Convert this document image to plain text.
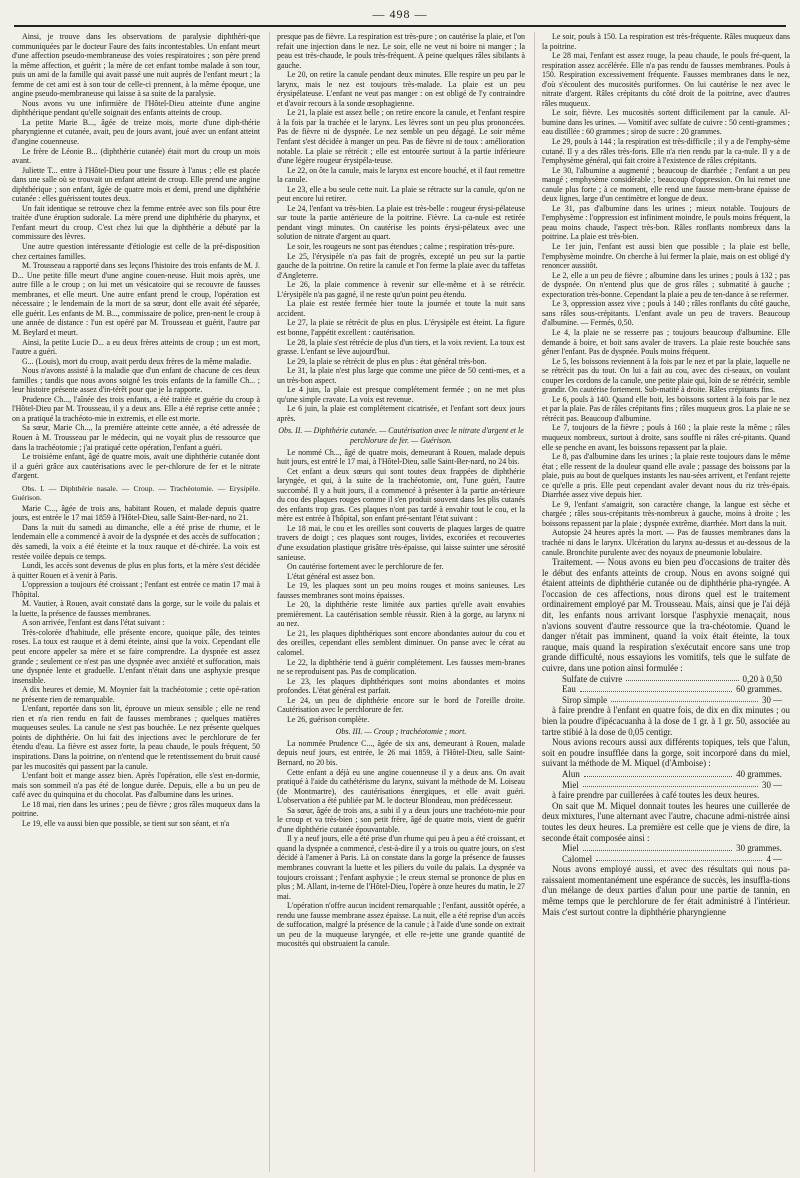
— 498 —

Ainsi, je trouve dans les observations de paralysie diphthéri-que communiquées par le docteur Faure des faits incontestables. Un enfant meurt d'une affection pseudo-membraneuse des voies respiratoires ; son père prend la même affection, et guérit ; la mère de cet enfant tombe malade à son tour, puis un ami de la famille qui avait passé une nuit auprès de l'enfant meurt ; la femme de cet ami est à son tour de celle-ci prennent, à la même époque, une angine pseudo-membraneuse qui laisse à sa suite de la paralysie.

Nous avons vu une infirmière de l'Hôtel-Dieu atteinte d'une angine diphthérique pendant qu'elle soignait des enfants atteints de croup.

La petite Marie B..., âgée de treize mois, morte d'une diph-thérie pharyngienne et cutanée, avait, peu de jours avant, joué avec un enfant atteint d'angine couenneuse.

Le frère de Léonie B... (diphthérie cutanée) était mort du croup un mois avant.

Juliette T... entre à l'Hôtel-Dieu pour une fissure à l'anus ; elle est placée dans une salle où se trouvait un enfant atteint de croup. Elle prend une angine diphthérique ; son enfant, âgée de quatre mois et demi, prend une diphthérie cutanée : elles guérissent toutes deux.

Un fait identique se retrouve chez la femme entrée avec son fils pour être traitée d'une éruption sudorale. La mère prend une diphthérie du pharynx, et l'enfant meurt du croup. C'est chez lui que la diphthérie a débuté par la commissure des lèvres.

Une autre question intéressante d'étiologie est celle de la pré-disposition chez certaines familles.

M. Trousseau a rapporté dans ses leçons l'histoire des trois enfants de M. J. D... Une petite fille meurt d'une angine couen-neuse. Huit mois après, une autre fille a le croup ; on lui met un vésicatoire qui se recouvre de fausses membranes, et elle meurt. Une autre enfant prend le croup, l'opération est nécessaire ; le lendemain de la mort de sa sœur, dont elle avait été séparée, elle guérit. Les enfants de M. B..., commissaire de police, pren-nent le croup à une année de distance : l'un est opéré par M. Trousseau et guérit, l'autre par M. Beylard et meurt.

Ainsi, la petite Lucie D... a eu deux frères atteints de croup ; un est mort, l'autre a guéri.

G... (Louis), mort du croup, avait perdu deux frères de la même maladie.

Nous n'avons assisté à la maladie que d'un enfant de chacune de ces deux familles ; tandis que nous avons soigné les trois enfants de la famille Ch... ; leur histoire présente assez d'in-térêt pour que je la rapporte.

Prudence Ch..., l'aînée des trois enfants, a été traitée et guérie du croup à l'Hôtel-Dieu par M. Trousseau, il y a deux ans. Elle a été reprise cette année ; on a pratiqué la trachéoto-mie in extremis, et elle est morte.

Sa sœur, Marie Ch..., la première atteinte cette année, a été adressée de Rouen à M. Trousseau par le médecin, qui ne voyait plus de ressource que dans la trachéotomie ; j'ai pratiqué cette opération, l'enfant a guéri.

Le troisième enfant, âgé de quatre mois, avait une diphthérie cutanée dont il a guéri grâce aux cautérisations avec le per-chlorure de fer et le nitrate d'argent.

Obs. I. — Diphthérie nasale. — Croup. — Trachéotomie. — Erysipèle. Guérison.

Marie C..., âgée de trois ans, habitant Rouen, et malade depuis quatre jours, est entrée le 17 mai 1859 à l'Hôtel-Dieu, salle Saint-Ber-nard, no 21.

Dans la nuit du samedi au dimanche, elle a été prise de rhume, et le lendemain elle a commencé à avoir de la dyspnée et des accès de suffocation ; dès samedi, la voix a été éteinte et la toux rauque et dé-chirée. La voix est restée voilée depuis ce temps.

Lundi, les accès sont devenus de plus en plus forts, et la mère s'est décidée à quitter Rouen et à venir à Paris.

L'oppression a toujours été croissant ; l'enfant est entrée ce matin 17 mai à l'hôpital.

M. Vautier, à Rouen, avait constaté dans la gorge, sur le voile du palais et la luette, la présence de fausses membranes.

A son arrivée, l'enfant est dans l'état suivant :

Très-colorée d'habitude, elle présente encore, quoique pâle, des teintes roses. La toux est rauque et à demi éteinte, ainsi que la voix. Cependant elle peut encore appeler sa mère et se faire comprendre. La dyspnée est assez grande ; seulement ce n'est pas une dyspnée avec anxiété et suffocation, mais une dyspnée lente et graduelle. L'enfant n'était dans une asphyxie presque insensible.

A dix heures et demie, M. Moynier fait la trachéotomie ; cette opé-ration ne présente rien de remarquable.

L'enfant, reportée dans son lit, éprouve un mieux sensible ; elle ne rend rien et n'a rien rendu en fait de fausses membranes ; quelques matières muqueuses seules. La canule ne s'est pas bouchée. Le nez présente quelques points de diphthérie. On lui fait des injections avec le perchlorure de fer étendu d'eau. La fièvre est assez forte, la peau chaude, le pouls fréquent, 50 inspirations. Dans la poitrine, on n'entend que le retentissement du bruit causé par les mucosités qui passent par la canule.

L'enfant boit et mange assez bien. Après l'opération, elle s'est en-dormie, mais son sommeil n'a pas été de longue durée. Depuis, elle a bu un peu de café avec du quinquina et du chocolat. Pas d'albumine dans les urines.

Le 18 mai, rien dans les urines ; peu de fièvre ; gros râles muqueux dans la poitrine.

Le 19, elle va aussi bien que possible, se tient sur son séant, et n'a

presque pas de fièvre. La respiration est très-pure ; on cautérise la plaie, et l'on refait une injection dans le nez. Le soir, elle ne veut ni boire ni manger ; la peau est très-chaude, le pouls très-fréquent. A peine quelques râles sibilants à gauche.

Le 20, on retire la canule pendant deux minutes. Elle respire un peu par le larynx, mais le nez est toujours très-malade. La plaie est un peu érysipélateuse. L'enfant ne veut pas manger : on est obligé de l'y contraindre et d'avoir recours à la sonde œsophagienne.

Le 21, la plaie est assez belle ; on retire encore la canule, et l'enfant respire à la fois par la trachée et le larynx. Les lèvres sont un peu plus prononcées. Pas de fièvre ni de dyspnée. Le nez semble un peu dégagé. Le soir même l'enfant s'est décidée à manger un peu. Pas de fièvre ni de toux : amélioration notable. La plaie se rétrécit ; elle est entourée surtout à la partie inférieure d'une légère rougeur érysipéla-teuse.

Le 22, on ôte la canule, mais le larynx est encore bouché, et il faut remettre la canule.

Le 23, elle a bu seule cette nuit. La plaie se rétracte sur la canule, qu'on ne peut encore lui retirer.

Le 24, l'enfant va très-bien. La plaie est très-belle : rougeur érysi-pélateuse sur toute la partie antérieure de la poitrine. Fièvre. La ca-nule est retirée pendant vingt minutes. On cautérise les points érysi-pélateux avec une solution de nitrate d'argent au quart.

Le soir, les rougeurs ne sont pas étendues ; calme ; respiration très-pure.

Le 25, l'érysipèle n'a pas fait de progrès, excepté un peu sur la partie gauche de la poitrine. On retire la canule et l'on ferme la plaie avec du taffetas d'Angleterre.

Le 26, la plaie commence à revenir sur elle-même et à se rétrécir. L'érysipèle n'a pas gagné, il ne reste qu'un point peu étendu.

La plaie est restée fermée hier toute la journée et toute la nuit sans accident.

Le 27, la plaie se rétrécit de plus en plus. L'érysipèle est éteint. La figure est bonne, l'appétit excellent : cautérisation.

Le 28, la plaie s'est rétrécie de plus d'un tiers, et la voix revient. La toux est grasse. L'enfant se lève aujourd'hui.

Le 29, la plaie se rétrécit de plus en plus : état général très-bon.

Le 31, la plaie n'est plus large que comme une pièce de 50 centi-mes, et a un très-bon aspect.

Le 4 juin, la plaie est presque complétement fermée ; on ne met plus qu'une simple cravate. La voix est revenue.

Le 6 juin, la plaie est complétement cicatrisée, et l'enfant sort deux jours après.

Obs. II. — Diphthérie cutanée. — Cautérisation avec le nitrate d'argent et le perchlorure de fer. — Guérison.

Le nommé Ch..., âgé de quatre mois, demeurant à Rouen, malade depuis huit jours, est entré le 17 mai, à l'Hôtel-Dieu, salle Saint-Ber-nard, no 24 bis.

Cet enfant a deux sœurs qui sont toutes deux frappées de diphthérie laryngée, et qui, à la suite de la trachéotomie, ont, l'une guéri, l'autre succombé. Il y a huit jours, il a commencé à présenter à la partie an-térieure du cou des plaques rouges comme il s'en produit souvent dans les plis cutanés des enfants trop gras. Ces plaques n'ont pas tardé à envahir tout le cou, et la mère est entrée à l'hôpital, son enfant pré-sentant l'état suivant :

Le 18 mai, le cou et les oreilles sont couverts de plaques larges de quatre travers de doigt ; ces plaques sont rouges, livides, excoriées et recouvertes d'une exsudation plastique grisâtre très-épaisse, qui laisse suinter une sérosité sanieuse.

On cautérise fortement avec le perchlorure de fer.

L'état général est assez bon.

Le 19, les plaques sont un peu moins rouges et moins sanieuses. Les fausses membranes sont moins épaisses.

Le 20, la diphthérie reste limitée aux parties qu'elle avait envahies premièrement. La cautérisation semble réussir. Rien à la gorge, au larynx ni au nez.

Le 21, les plaques diphthériques sont encore abondantes autour du cou et des oreilles, cependant elles semblent diminuer. On panse avec le cérat au calomel.

Le 22, la diphthérie tend à guérir complétement. Les fausses mem-branes ne se reproduisent pas. Pas de complication.

Le 23, les plaques diphthériques sont moins abondantes et moins profondes. L'état général est parfait.

Le 24, un peu de diphthérie encore sur le bord de l'oreille droite. Cautérisation avec le perchlorure de fer.

Le 26, guérison complète.

Obs. III. — Croup ; trachéotomie ; mort.

La nommée Prudence C..., âgée de six ans, demeurant à Rouen, malade depuis neuf jours, est entrée, le 26 mai 1859, à l'Hôtel-Dieu, salle Saint-Bernard, no 20 bis.

Cette enfant a déjà eu une angine couenneuse il y a deux ans. On avait pratiqué à l'aide du cathétérisme du larynx, suivant la méthode de M. Loiseau (de Montmartre), des cautérisations énergiques, et elle avait guéri. L'observation a été publiée par M. le docteur Blondeau, mon prédécesseur.

Sa sœur, âgée de trois ans, a subi il y a deux jours une trachéoto-mie pour le croup et va très-bien ; son petit frère, âgé de quatre mois, vient de guérir d'une diphthérie cutanée épouvantable.

Il y a neuf jours, elle a été prise d'un rhume qui peu à peu a été croissant, et quand la dyspnée a commencé, c'est-à-dire il y a trois ou quatre jours, on s'est décidé à l'amener à Paris. Là on constate dans la gorge la présence de fausses membranes couvrant la luette et les piliers du voile du palais. La dyspnée va toujours croissant ; l'enfant asphyxie ; le creux sternal se prononce de plus en plus ; M. Allant, in-terne de l'Hôtel-Dieu, l'opère à onze heures du matin, le 27 mai.

L'opération n'offre aucun incident remarquable ; l'enfant, aussitôt opérée, a rendu une fausse membrane assez épaisse. La nuit, elle a été reprise d'un accès de suffocation, malgré la présence de la canule ; à l'aide d'une sonde on extrait un peu de la muqueuse laryngée, et elle re-jette une grande quantité de mucosités qui obstruaient la canule.

Le soir, pouls à 150. La respiration est très-fréquente. Râles muqueux dans la poitrine.

Le 28 mai, l'enfant est assez rouge, la peau chaude, le pouls fré-quent, la respiration assez accélérée. Elle n'a pas rendu de fausses membranes. Pouls à 150. Respiration excessivement fréquente. Fausses membranes dans le nez, d'où s'écoulent des mucosités puriformes. On lui cautérise le nez avec le nitrate d'argent. Râles crépitants du côté droit de la poitrine, avec d'autres râles muqueux.

Le soir, fièvre. Les mucosités sortent difficilement par la canule. Al-bumine dans les urines. — Vomitif avec sulfate de cuivre : 50 centi-grammes ; eau distillée : 60 grammes ; sirop de sucre : 20 grammes.

Le 29, pouls à 144 ; la respiration est très-difficile ; il y a de l'emphy-sème cutané. Il y a des râles très-forts. Elle n'a rien rendu par la ca-nule. Il y a de l'emphysème général, qui fait croire à l'existence de râles crépitants.

Le 30, l'albumine a augmenté ; beaucoup de diarrhée ; l'enfant a un peu mangé ; emphysème considérable ; beaucoup d'oppression. On lui remet une canule plus forte ; à ce moment, elle rend une fausse mem-brane épaisse de deux lignes, large d'un centimètre et longue de deux.

Le 31, pas d'albumine dans les urines ; mieux notable. Toujours de l'emphysème : l'oppression est infiniment moindre, le pouls moins fréquent, la peau moins chaude, l'aspect très-bon. Râles ronflants nombreux dans la poitrine. La plaie est très-bien.

Le 1er juin, l'enfant est aussi bien que possible ; la plaie est belle, l'emphysème moindre. On cherche à lui fermer la plaie, mais on est obligé d'y renoncer aussitôt.

Le 2, elle a un peu de fièvre ; albumine dans les urines ; pouls à 132 ; pas de dyspnée. On n'entend plus que de gros râles ; submatité à gauche ; expectoration très-bonne. Cependant la plaie a peu de ten-dance à se refermer.

Le 3, oppression assez vive ; pouls à 140 ; râles ronflants du côté gauche, sans râles sous-crépitants. L'enfant avale un peu de travers. Beaucoup d'albumine. — Fermés, 0,50.

Le 4, la plaie ne se resserre pas ; toujours beaucoup d'albumine. Elle demande à boire, et boit sans avaler de travers. La plaie reste bouchée sans gêner l'enfant. Pas de dyspnée. Pouls moins fréquent.

Le 5, les boissons reviennent à la fois par le nez et par la plaie, laquelle ne se rétrécit pas du tout. On lui a fait au cou, avec des ci-seaux, on voulant couper les cordons de la canule, une petite plaie qui, loin de se rétrécir, semble grandir. On cautérise fortement. Sub-matité à droite. Râles crépitants fins.

Le 6, pouls à 140. Quand elle boit, les boissons sortent à la fois par le nez et par la plaie. Pas de râles crépitants fins ; râles muqueux gros. La plaie ne se rétrécit pas. Beaucoup d'albumine.

Le 7, toujours de la fièvre ; pouls à 160 ; la plaie reste la même ; râles muqueux nombreux, surtout à droite, sans souffle ni râles cré-pitants. Quand elle se penche en avant, les boissons repassent par la plaie.

Le 8, pas d'albumine dans les urines ; la plaie reste toujours dans le même état ; elle ressent de la douleur quand elle avale ; passage des boissons par la plaie, puis au bout de quelques instants les nau-sées arrivent, et l'enfant rejette ce qu'elle a pris. Elle peut cependant avaler devant nous du riz très-épais. Diarrhée assez vive depuis hier.

Le 9, l'enfant s'amaigrit, son caractère change, la langue est sèche et chargée ; râles sous-crépitants très-nombreux à gauche, moins à droite ; les boissons repassent par la plaie ; dyspnée extrême, diarrhée. Mort dans la nuit.

Autopsie 24 heures après la mort. — Pas de fausses membranes dans la trachée ni dans le larynx. Ulcération du larynx au-dessus et au-dessous de la canule. Bronchite purulente avec des noyaux de pneumonie lobulaire.

Traitement. — Nous avons eu bien peu d'occasions de traiter dès le début des enfants atteints de croup. Nous en avons soigné qui étaient atteints de diphthérie cutanée ou de diphthérie pha-ryngée. A l'occasion de ces affections, nous dirons quel est le traitement ordinairement employé par M. Trousseau. Mais, ainsi que je l'ai déjà dit, les enfants nous arrivant lorsque l'asphyxie menaçait, nous n'avions souvent d'autre ressource que la tra-chéotomie. Quand le danger n'était pas imminent, quand la voix était éteinte, la toux rauque, mais quand la respiration s'exécutait encore sans une trop grande difficulté, nous essayions les vomitifs, tels que le sulfate de cuivre, dans une potion ainsi formulée :

Sulfate de cuivre	0,20 à 0,50
Eau	60 grammes.
Sirop simple	30 —

à faire prendre à l'enfant en quatre fois, de dix en dix minutes ; ou bien la poudre d'ipécacuanha à la dose de 1 gr. à 1 gr. 50, associée au tartre stibié à la dose de 0,05 centigr.

Nous avions recours aussi aux différents topiques, tels que l'alun, soit en poudre insufflée dans la gorge, soit incorporé dans du miel, suivant la méthode de M. Miquel (d'Amboise) :

Alun	40 grammes.
Miel	30 —

à faire prendre par cuillerées à café toutes les deux heures.

On sait que M. Miquel donnait toutes les heures une cuillerée de deux mixtures, l'une alternant avec l'autre, chacune admi-nistrée ainsi toutes les deux heures. La première est celle que je viens de dire, la seconde était composée ainsi :

Miel	30 grammes.
Calomel	4 —

Nous avons employé aussi, et avec des résultats qui nous pa-raissaient momentanément une espérance de succès, les insuffla-tions d'un mélange de deux parties d'alun pour une partie de tannin, en même temps que le perchlorure de fer était administré à l'intérieur. Mais c'est surtout contre la diphthérie pharyngienne
